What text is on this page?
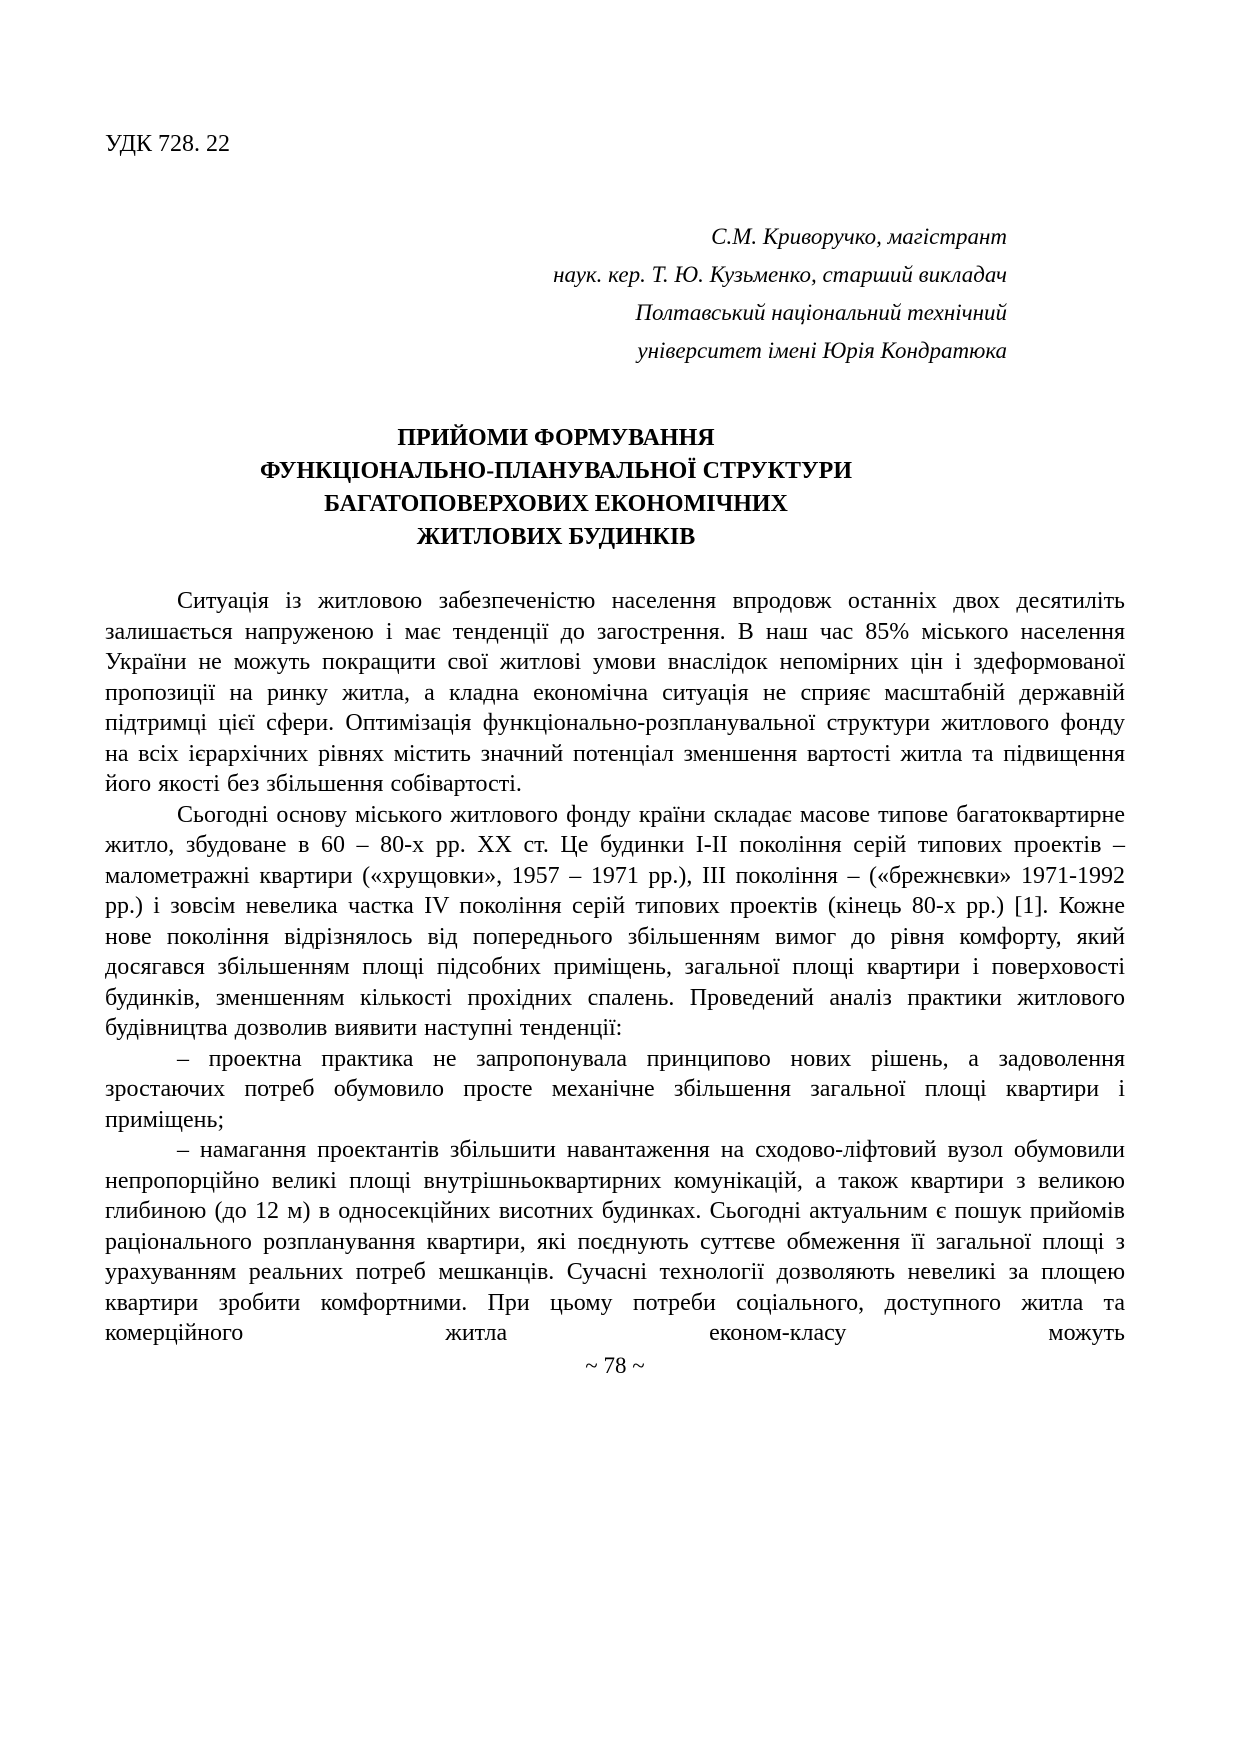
УДК 728. 22
С.М. Криворучко, магістрант
наук. кер. Т. Ю. Кузьменко, старший викладач
Полтавський національний технічний
університет імені Юрія Кондратюка
ПРИЙОМИ ФОРМУВАННЯ
ФУНКЦІОНАЛЬНО-ПЛАНУВАЛЬНОЇ СТРУКТУРИ
БАГАТОПОВЕРХОВИХ ЕКОНОМІЧНИХ
ЖИТЛОВИХ БУДИНКІВ

Ситуація із житловою забезпеченістю населення впродовж останніх двох десятиліть залишається напруженою і має тенденції до загострення. В наш час 85% міського населення України не можуть покращити свої житлові умови внаслідок непомірних цін і здеформованої пропозиції на ринку житла, а кладна економічна ситуація не сприяє масштабній державній підтримці цієї сфери. Оптимізація функціонально-розпланувальної структури житлового фонду на всіх ієрархічних рівнях містить значний потенціал зменшення вартості житла та підвищення його якості без збільшення собівартості.

Сьогодні основу міського житлового фонду країни складає масове типове багатоквартирне житло, збудоване в 60 – 80-х рр. ХХ ст. Це будинки І-ІІ покоління серій типових проектів – малометражні квартири («хрущовки», 1957 – 1971 рр.), ІІІ покоління – («брежнєвки» 1971-1992 рр.) і зовсім невелика частка ІV покоління серій типових проектів (кінець 80-х рр.) [1]. Кожне нове покоління відрізнялось від попереднього збільшенням вимог до рівня комфорту, який досягався збільшенням площі підсобних приміщень, загальної площі квартири і поверховості будинків, зменшенням кількості прохідних спалень. Проведений аналіз практики житлового будівництва дозволив виявити наступні тенденції:

– проектна практика не запропонувала принципово нових рішень, а задоволення зростаючих потреб обумовило просте механічне збільшення загальної площі квартири і приміщень;

– намагання проектантів збільшити навантаження на сходово-ліфтовий вузол обумовили непропорційно великі площі внутрішньоквартирних комунікацій, а також квартири з великою глибиною (до 12 м) в односекційних висотних будинках. Сьогодні актуальним є пошук прийомів раціонального розпланування квартири, які поєднують суттєве обмеження її загальної площі з урахуванням реальних потреб мешканців. Сучасні технології дозволяють невеликі за площею квартири зробити комфортними. При цьому потреби соціального, доступного житла та комерційного житла економ-класу можуть

~ 78 ~
